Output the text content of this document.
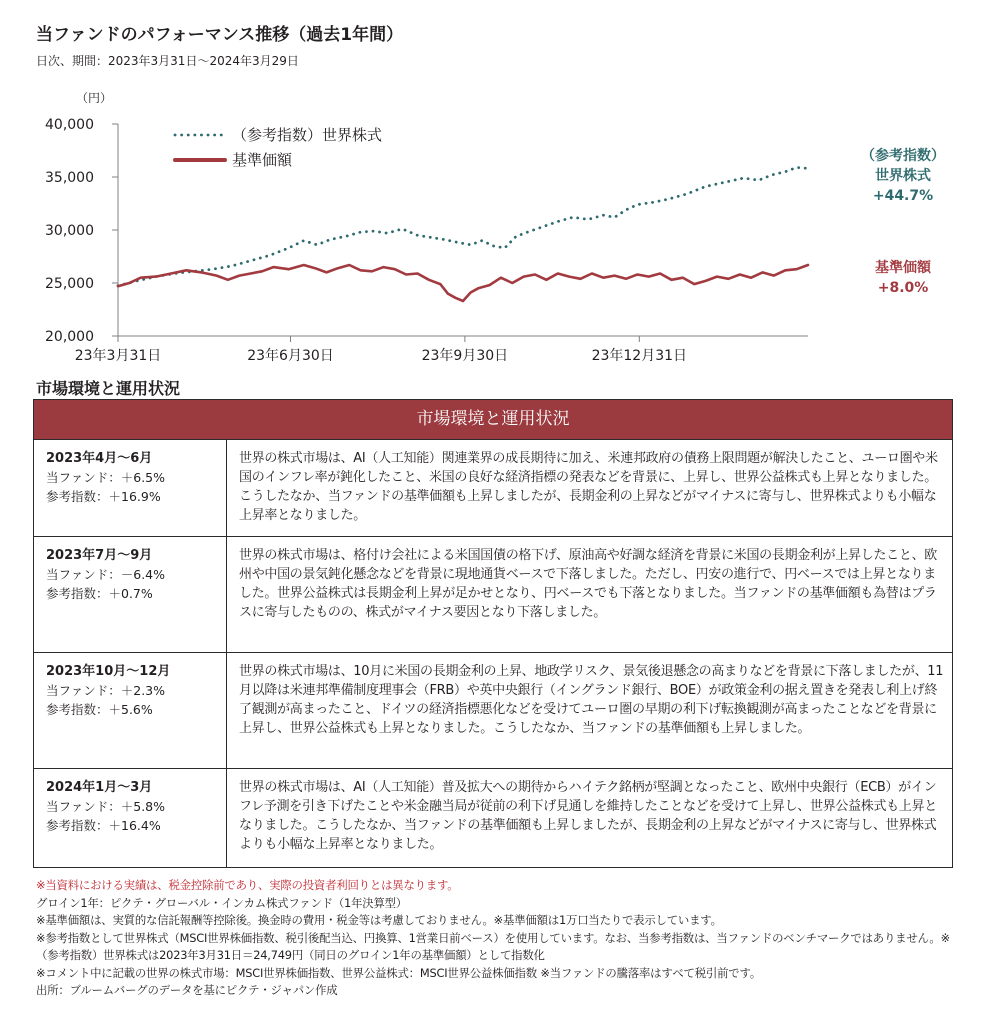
当ファンドのパフォーマンス推移（過去1年間）
日次、期間：2023年3月31日～2024年3月29日
（円）
40,000
35,000
30,000
25,000
20,000
23年3月31日	23年6月30日	23年9月30日	23年12月31日
（参考指数）世界株式
（参考指数）
世界株式
+44.7%
基準価額
基準価額
+8.0%
市場環境と運用状況
市場環境と運用状況
2023年4月～6月
当ファンド：＋6.5%
参考指数：＋16.9%
世界の株式市場は、AI（人工知能）関連業界の成長期待に加え、米連邦政府の債務上限問題が解決したこと、ユーロ圏や米国のインフレ率が鈍化したこと、米国の良好な経済指標の発表などを背景に、上昇し、世界公益株式も上昇となりました。こうしたなか、当ファンドの基準価額も上昇しましたが、長期金利の上昇などがマイナスに寄与し、世界株式よりも小幅な上昇率となりました。
2023年7月～9月
当ファンド：－6.4%
参考指数：＋0.7%
世界の株式市場は、格付け会社による米国国債の格下げ、原油高や好調な経済を背景に米国の長期金利が上昇したこと、欧州や中国の景気鈍化懸念などを背景に現地通貨ベースで下落しました。ただし、円安の進行で、円ベースでは上昇となりました。世界公益株式は長期金利上昇が足かせとなり、円ベースでも下落となりました。当ファンドの基準価額も為替はプラスに寄与したものの、株式がマイナス要因となり下落しました。
2023年10月～12月
当ファンド：＋2.3%
参考指数：＋5.6%
世界の株式市場は、10月に米国の長期金利の上昇、地政学リスク、景気後退懸念の高まりなどを背景に下落しましたが、11月以降は米連邦準備制度理事会（FRB）や英中央銀行（イングランド銀行、BOE）が政策金利の据え置きを発表し利上げ終了観測が高まったこと、ドイツの経済指標悪化などを受けてユーロ圏の早期の利下げ転換観測が高まったことなどを背景に上昇し、世界公益株式も上昇となりました。こうしたなか、当ファンドの基準価額も上昇しました。
2024年1月～3月
当ファンド：＋5.8%
参考指数：＋16.4%
世界の株式市場は、AI（人工知能）普及拡大への期待からハイテク銘柄が堅調となったこと、欧州中央銀行（ECB）がインフレ予測を引き下げたことや米金融当局が従前の利下げ見通しを維持したことなどを受けて上昇し、世界公益株式も上昇となりました。こうしたなか、当ファンドの基準価額も上昇しましたが、長期金利の上昇などがマイナスに寄与し、世界株式よりも小幅な上昇率となりました。
※当資料における実績は、税金控除前であり、実際の投資者利回りとは異なります。
グロイン1年：ピクテ・グローバル・インカム株式ファンド（1年決算型）
※基準価額は、実質的な信託報酬等控除後。換金時の費用・税金等は考慮しておりません。※基準価額は1万口当たりで表示しています。
※参考指数として世界株式（MSCI世界株価指数、税引後配当込、円換算、1営業日前ベース）を使用しています。なお、当参考指数は、当ファンドのベンチマークではありません。※（参考指数）世界株式は2023年3月31日＝24,749円（同日のグロイン1年の基準価額）として指数化
※コメント中に記載の世界の株式市場：MSCI世界株価指数、世界公益株式：MSCI世界公益株価指数 ※当ファンドの騰落率はすべて税引前です。
出所：ブルームバーグのデータを基にピクテ・ジャパン作成
